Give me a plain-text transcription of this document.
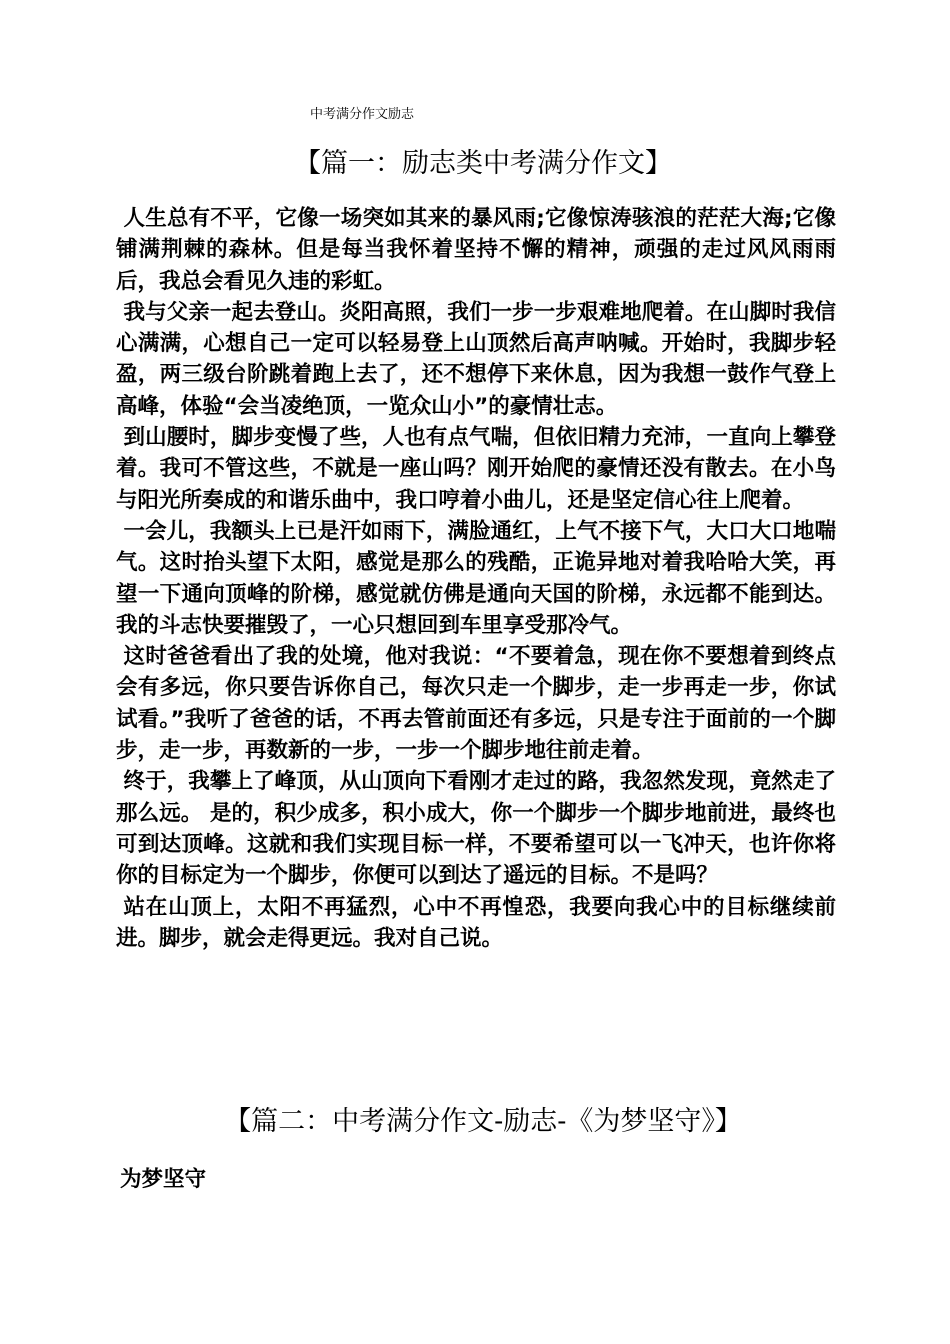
中考满分作文励志
【篇一：励志类中考满分作文】

人生总有不平，它像一场突如其来的暴风雨;它像惊涛骇浪的茫茫大海;它像铺满荆棘的森林。但是每当我怀着坚持不懈的精神，顽强的走过风风雨雨后，我总会看见久违的彩虹。

我与父亲一起去登山。炎阳高照，我们一步一步艰难地爬着。在山脚时我信心满满，心想自己一定可以轻易登上山顶然后高声呐喊。开始时，我脚步轻盈，两三级台阶跳着跑上去了，还不想停下来休息，因为我想一鼓作气登上高峰，体验“会当凌绝顶，一览众山小”的豪情壮志。

到山腰时，脚步变慢了些，人也有点气喘，但依旧精力充沛，一直向上攀登着。我可不管这些，不就是一座山吗？刚开始爬的豪情还没有散去。在小鸟与阳光所奏成的和谐乐曲中，我口哼着小曲儿，还是坚定信心往上爬着。

一会儿，我额头上已是汗如雨下，满脸通红，上气不接下气，大口大口地喘气。这时抬头望下太阳，感觉是那么的残酷，正诡异地对着我哈哈大笑，再望一下通向顶峰的阶梯，感觉就仿佛是通向天国的阶梯，永远都不能到达。我的斗志快要摧毁了，一心只想回到车里享受那冷气。

这时爸爸看出了我的处境，他对我说：“不要着急，现在你不要想着到终点会有多远，你只要告诉你自己，每次只走一个脚步，走一步再走一步，你试试看。”我听了爸爸的话，不再去管前面还有多远，只是专注于面前的一个脚步，走一步，再数新的一步，一步一个脚步地往前走着。

终于，我攀上了峰顶，从山顶向下看刚才走过的路，我忽然发现，竟然走了那么远。 是的，积少成多，积小成大，你一个脚步一个脚步地前进，最终也可到达顶峰。这就和我们实现目标一样，不要希望可以一飞冲天，也许你将你的目标定为一个脚步，你便可以到达了遥远的目标。不是吗？

站在山顶上，太阳不再猛烈，心中不再惶恐，我要向我心中的目标继续前进。脚步，就会走得更远。我对自己说。

【篇二：中考满分作文-励志-《为梦坚守》】
为梦坚守
